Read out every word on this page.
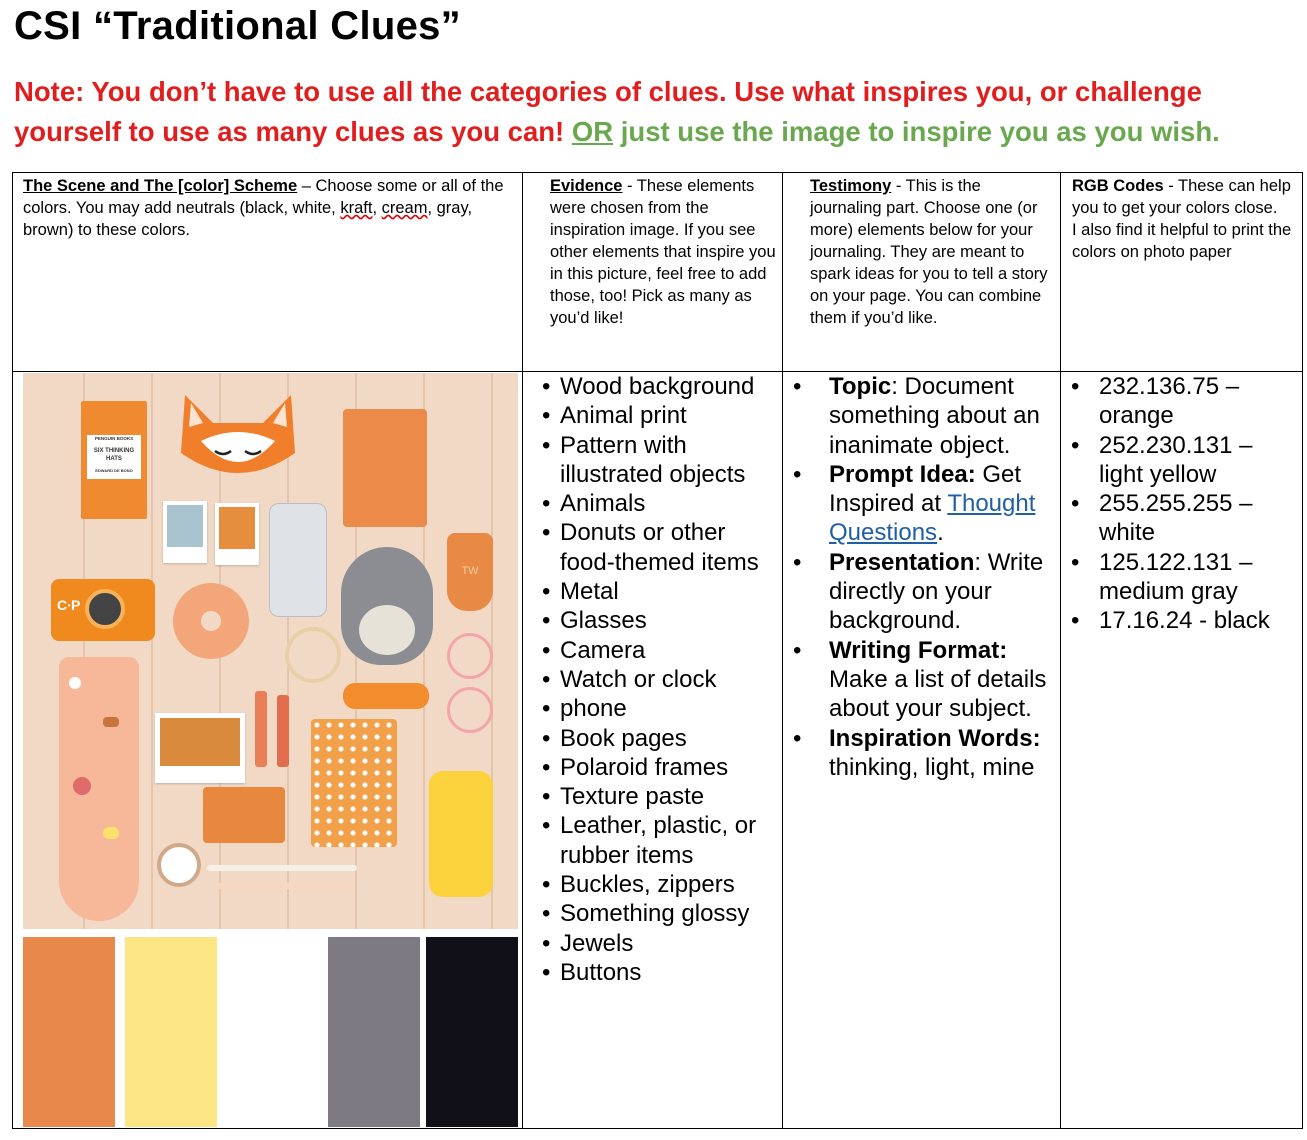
CSI “Traditional Clues”
Note: You don’t have to use all the categories of clues. Use what inspires you, or challenge yourself to use as many clues as you can! OR just use the image to inspire you as you wish.
The Scene and The [color] Scheme – Choose some or all of the colors. You may add neutrals (black, white, kraft, cream, gray, brown) to these colors.
Evidence - These elements were chosen from the inspiration image. If you see other elements that inspire you in this picture, feel free to add those, too! Pick as many as you’d like!
Testimony - This is the journaling part. Choose one (or more) elements below for your journaling. They are meant to spark ideas for you to tell a story on your page. You can combine them if you’d like.
RGB Codes - These can help you to get your colors close.
I also find it helpful to print the colors on photo paper
PENGUIN BOOKS
SIX THINKING HATS
EDWARD DE BONO
TW
C∙P
• Wood background
• Animal print
• Pattern with illustrated objects
• Animals
• Donuts or other food-themed items
• Metal
• Glasses
• Camera
• Watch or clock
• phone
• Book pages
• Polaroid frames
• Texture paste
• Leather, plastic, or rubber items
• Buckles, zippers
• Something glossy
• Jewels
• Buttons
• Topic: Document something about an inanimate object.
• Prompt Idea: Get Inspired at Thought Questions.
• Presentation: Write directly on your background.
• Writing Format: Make a list of details about your subject.
• Inspiration Words: thinking, light, mine
• 232.136.75 – orange
• 252.230.131 – light yellow
• 255.255.255 – white
• 125.122.131 – medium gray
• 17.16.24 - black
